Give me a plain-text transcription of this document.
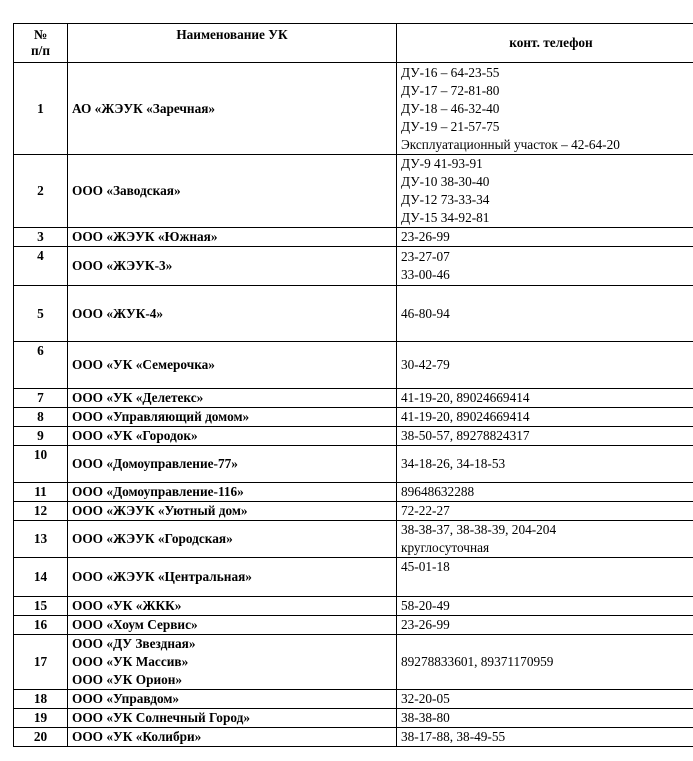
№
п/п	Наименование УК	конт. телефон
1	АО «ЖЭУК «Заречная»	ДУ-16 – 64-23-55
ДУ-17 – 72-81-80
ДУ-18 – 46-32-40
ДУ-19 – 21-57-75
Эксплуатационный участок – 42-64-20

2	ООО «Заводская»	ДУ-9 41-93-91
ДУ-10 38-30-40
ДУ-12 73-33-34
ДУ-15 34-92-81

3	ООО «ЖЭУК «Южная»	23-26-99

4	ООО «ЖЭУК-3»	23-27-07
33-00-46

5	ООО «ЖУК-4»	46-80-94

6	ООО «УК «Семерочка»	30-42-79

7	ООО «УК «Делетекс»	41-19-20, 89024669414

8	ООО «Управляющий домом»	41-19-20, 89024669414

9	ООО «УК «Городок»	38-50-57, 89278824317

10	ООО «Домоуправление-77»	34-18-26, 34-18-53

11	ООО «Домоуправление-116»	89648632288

12	ООО «ЖЭУК «Уютный дом»	72-22-27

13	ООО «ЖЭУК «Городская»	38-38-37, 38-38-39, 204-204
круглосуточная

14	ООО «ЖЭУК «Центральная»	45-01-18

15	ООО «УК «ЖКК»	58-20-49

16	ООО «Хоум Сервис»	23-26-99

17	ООО «ДУ Звездная»
ООО «УК Массив»
ООО «УК Орион»	89278833601, 89371170959

18	ООО «Управдом»	32-20-05

19	ООО «УК Солнечный Город»	38-38-80

20	ООО «УК «Колибри»	38-17-88, 38-49-55
